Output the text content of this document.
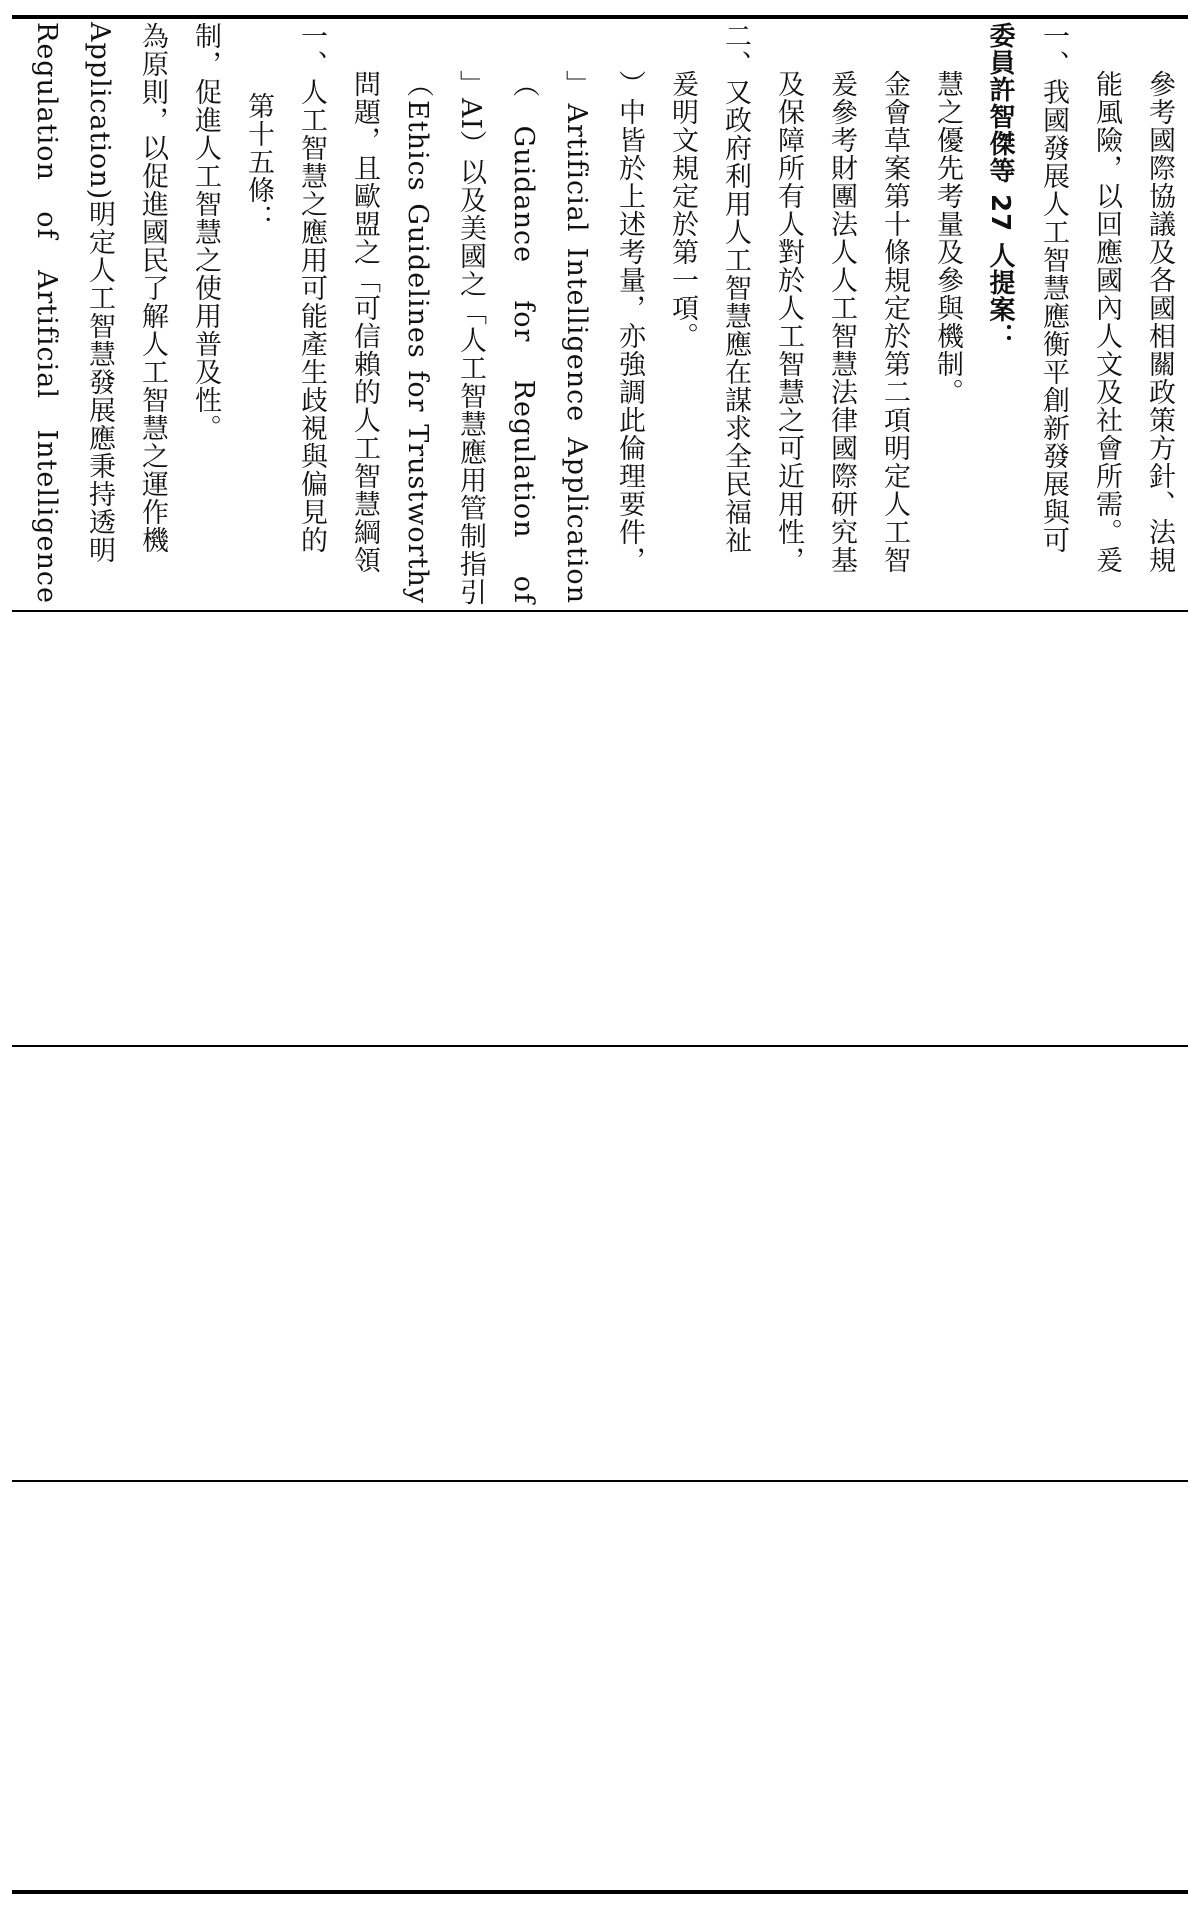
Regulation of Artificial Intelligence Application)明定人工智慧發展應秉持透明 為原則，以促進國民了解人工智慧之運作機 制，促進人工智慧之使用普及性。 第十五條： 一、人工智慧之應用可能產生歧視與偏見的 問題，且歐盟之「可信賴的人工智慧綱領 （Ethics Guidelines for Trustworthy 」AI）以及美國之「人工智慧應用管制指引 （Guidance for Regulation of 」Artificial Intelligence Application ）中皆於上述考量，亦強調此倫理要件， 爰明文規定於第一項。 二、又政府利用人工智慧應在謀求全民福祉 及保障所有人對於人工智慧之可近用性， 爰參考財團法人人工智慧法律國際研究基 金會草案第十條規定於第二項明定人工智 慧之優先考量及參與機制。 委員許智傑等 27 人提案： 一、我國發展人工智慧應衡平創新發展與可 能風險，以回應國內人文及社會所需。爰 參考國際協議及各國相關政策方針、法規
